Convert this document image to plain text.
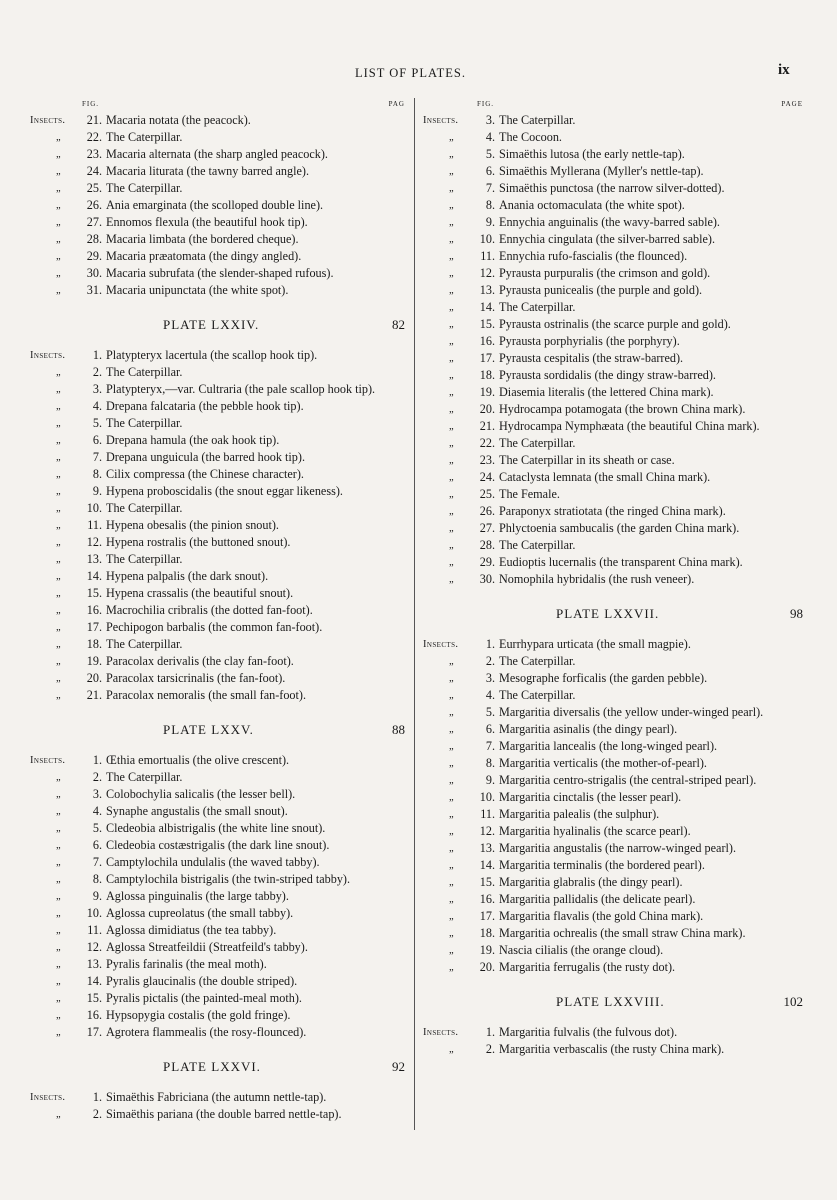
LIST OF PLATES.	ix
FIG.	PAG
Insects.	21. Macaria notata (the peacock).
„	22. The Caterpillar.
„	23. Macaria alternata (the sharp angled peacock).
„	24. Macaria liturata (the tawny barred angle).
„	25. The Caterpillar.
„	26. Ania emarginata (the scolloped double line).
„	27. Ennomos flexula (the beautiful hook tip).
„	28. Macaria limbata (the bordered cheque).
„	29. Macaria præatomata (the dingy angled).
„	30. Macaria subrufata (the slender-shaped rufous).
„	31. Macaria unipunctata (the white spot).
PLATE LXXIV.	82
Insects.	1. Platypteryx lacertula (the scallop hook tip).
„	2. The Caterpillar.
„	3. Platypteryx,—var. Cultraria (the pale scallop hook tip).
„	4. Drepana falcataria (the pebble hook tip).
„	5. The Caterpillar.
„	6. Drepana hamula (the oak hook tip).
„	7. Drepana unguicula (the barred hook tip).
„	8. Cilix compressa (the Chinese character).
„	9. Hypena proboscidalis (the snout eggar likeness).
„	10. The Caterpillar.
„	11. Hypena obesalis (the pinion snout).
„	12. Hypena rostralis (the buttoned snout).
„	13. The Caterpillar.
„	14. Hypena palpalis (the dark snout).
„	15. Hypena crassalis (the beautiful snout).
„	16. Macrochilia cribralis (the dotted fan-foot).
„	17. Pechipogon barbalis (the common fan-foot).
„	18. The Caterpillar.
„	19. Paracolax derivalis (the clay fan-foot).
„	20. Paracolax tarsicrinalis (the fan-foot).
„	21. Paracolax nemoralis (the small fan-foot).
PLATE LXXV.	88
Insects.	1. Œthia emortualis (the olive crescent).
„	2. The Caterpillar.
„	3. Colobochylia salicalis (the lesser bell).
„	4. Synaphe angustalis (the small snout).
„	5. Cledeobia albistrigalis (the white line snout).
„	6. Cledeobia costæstrigalis (the dark line snout).
„	7. Camptylochila undulalis (the waved tabby).
„	8. Camptylochila bistrigalis (the twin-striped tabby).
„	9. Aglossa pinguinalis (the large tabby).
„	10. Aglossa cupreolatus (the small tabby).
„	11. Aglossa dimidiatus (the tea tabby).
„	12. Aglossa Streatfeildii (Streatfeild's tabby).
„	13. Pyralis farinalis (the meal moth).
„	14. Pyralis glaucinalis (the double striped).
„	15. Pyralis pictalis (the painted-meal moth).
„	16. Hypsopygia costalis (the gold fringe).
„	17. Agrotera flammealis (the rosy-flounced).
PLATE LXXVI.	92
Insects.	1. Simaëthis Fabriciana (the autumn nettle-tap).
„	2. Simaëthis pariana (the double barred nettle-tap).
FIG.	PAGE
Insects.	3. The Caterpillar.
„	4. The Cocoon.
„	5. Simaëthis lutosa (the early nettle-tap).
„	6. Simaëthis Myllerana (Myller's nettle-tap).
„	7. Simaëthis punctosa (the narrow silver-dotted).
„	8. Anania octomaculata (the white spot).
„	9. Ennychia anguinalis (the wavy-barred sable).
„	10. Ennychia cingulata (the silver-barred sable).
„	11. Ennychia rufo-fascialis (the flounced).
„	12. Pyrausta purpuralis (the crimson and gold).
„	13. Pyrausta punicealis (the purple and gold).
„	14. The Caterpillar.
„	15. Pyrausta ostrinalis (the scarce purple and gold).
„	16. Pyrausta porphyrialis (the porphyry).
„	17. Pyrausta cespitalis (the straw-barred).
„	18. Pyrausta sordidalis (the dingy straw-barred).
„	19. Diasemia literalis (the lettered China mark).
„	20. Hydrocampa potamogata (the brown China mark).
„	21. Hydrocampa Nymphæata (the beautiful China mark).
„	22. The Caterpillar.
„	23. The Caterpillar in its sheath or case.
„	24. Cataclysta lemnata (the small China mark).
„	25. The Female.
„	26. Paraponyx stratiotata (the ringed China mark).
„	27. Phlyctoenia sambucalis (the garden China mark).
„	28. The Caterpillar.
„	29. Eudioptis lucernalis (the transparent China mark).
„	30. Nomophila hybridalis (the rush veneer).
PLATE LXXVII.	98
Insects.	1. Eurrhypara urticata (the small magpie).
„	2. The Caterpillar.
„	3. Mesographe forficalis (the garden pebble).
„	4. The Caterpillar.
„	5. Margaritia diversalis (the yellow under-winged pearl).
„	6. Margaritia asinalis (the dingy pearl).
„	7. Margaritia lancealis (the long-winged pearl).
„	8. Margaritia verticalis (the mother-of-pearl).
„	9. Margaritia centro-strigalis (the central-striped pearl).
„	10. Margaritia cinctalis (the lesser pearl).
„	11. Margaritia palealis (the sulphur).
„	12. Margaritia hyalinalis (the scarce pearl).
„	13. Margaritia angustalis (the narrow-winged pearl).
„	14. Margaritia terminalis (the bordered pearl).
„	15. Margaritia glabralis (the dingy pearl).
„	16. Margaritia pallidalis (the delicate pearl).
„	17. Margaritia flavalis (the gold China mark).
„	18. Margaritia ochrealis (the small straw China mark).
„	19. Nascia cilialis (the orange cloud).
„	20. Margaritia ferrugalis (the rusty dot).
PLATE LXXVIII.	102
Insects.	1. Margaritia fulvalis (the fulvous dot).
„	2. Margaritia verbascalis (the rusty China mark).
